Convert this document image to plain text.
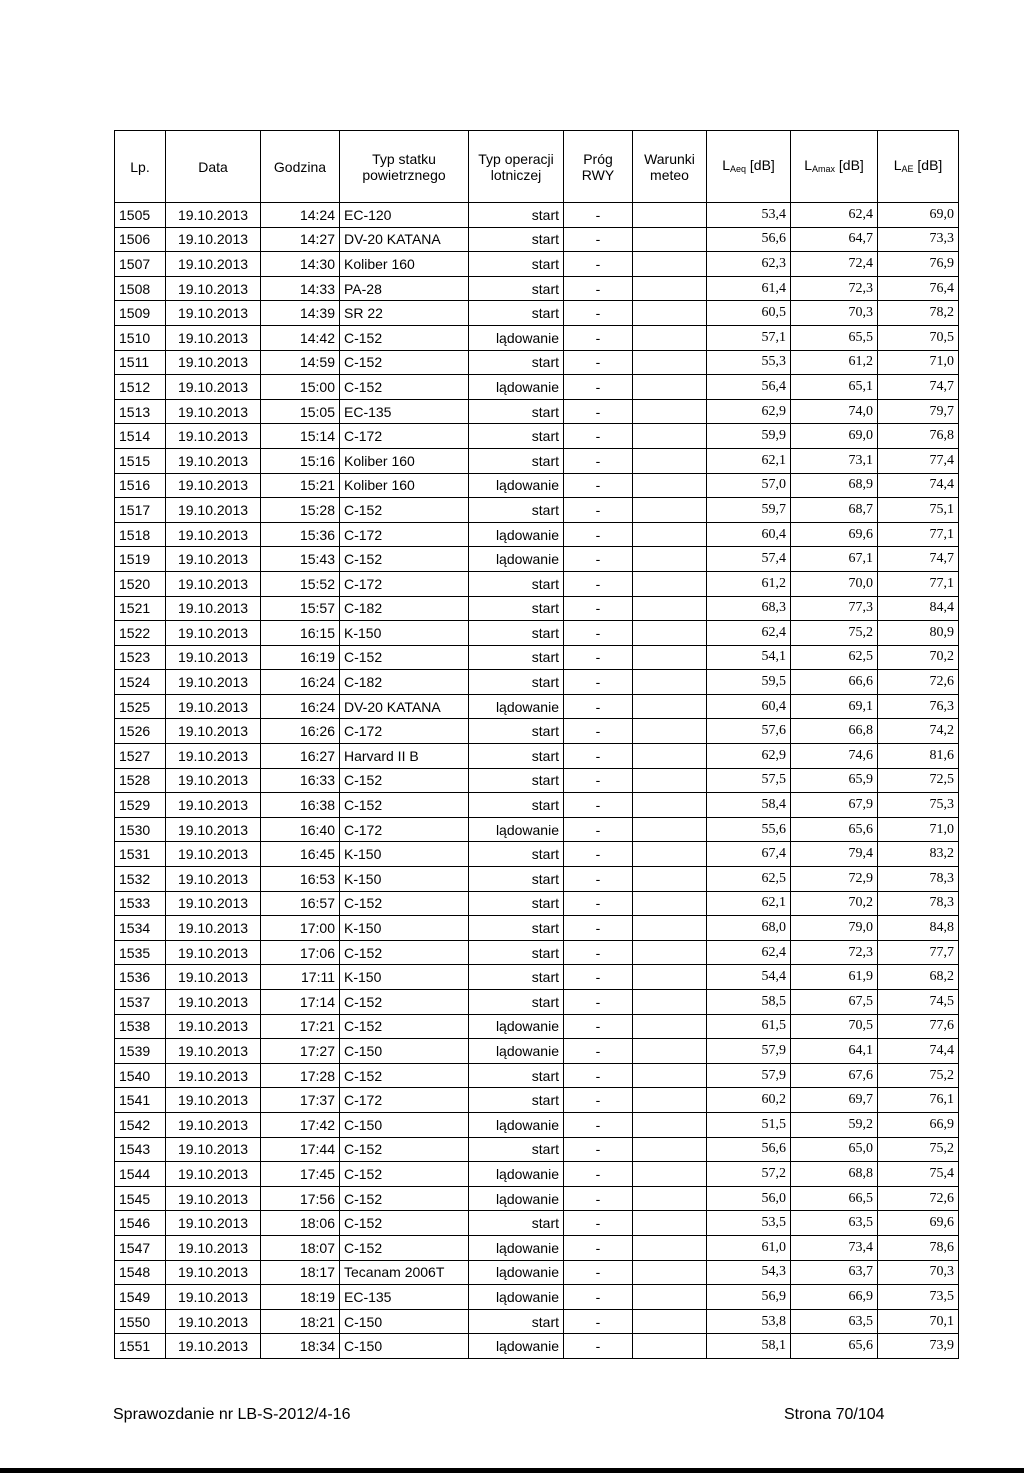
Lp.	Data	Godzina	Typ statku powietrznego	Typ operacji lotniczej	Próg RWY	Warunki meteo	$L_{Aeq}$ [dB]	$L_{Amax}$ [dB]	$L_{AE}$ [dB]
1505	19.10.2013	14:24	EC-120	start	-		53,4	62,4	69,0
1506	19.10.2013	14:27	DV-20 KATANA	start	-		56,6	64,7	73,3
1507	19.10.2013	14:30	Koliber 160	start	-		62,3	72,4	76,9
1508	19.10.2013	14:33	PA-28	start	-		61,4	72,3	76,4
1509	19.10.2013	14:39	SR 22	start	-		60,5	70,3	78,2
1510	19.10.2013	14:42	C-152	lądowanie	-		57,1	65,5	70,5
1511	19.10.2013	14:59	C-152	start	-		55,3	61,2	71,0
1512	19.10.2013	15:00	C-152	lądowanie	-		56,4	65,1	74,7
1513	19.10.2013	15:05	EC-135	start	-		62,9	74,0	79,7
1514	19.10.2013	15:14	C-172	start	-		59,9	69,0	76,8
1515	19.10.2013	15:16	Koliber 160	start	-		62,1	73,1	77,4
1516	19.10.2013	15:21	Koliber 160	lądowanie	-		57,0	68,9	74,4
1517	19.10.2013	15:28	C-152	start	-		59,7	68,7	75,1
1518	19.10.2013	15:36	C-172	lądowanie	-		60,4	69,6	77,1
1519	19.10.2013	15:43	C-152	lądowanie	-		57,4	67,1	74,7
1520	19.10.2013	15:52	C-172	start	-		61,2	70,0	77,1
1521	19.10.2013	15:57	C-182	start	-		68,3	77,3	84,4
1522	19.10.2013	16:15	K-150	start	-		62,4	75,2	80,9
1523	19.10.2013	16:19	C-152	start	-		54,1	62,5	70,2
1524	19.10.2013	16:24	C-182	start	-		59,5	66,6	72,6
1525	19.10.2013	16:24	DV-20 KATANA	lądowanie	-		60,4	69,1	76,3
1526	19.10.2013	16:26	C-172	start	-		57,6	66,8	74,2
1527	19.10.2013	16:27	Harvard II B	start	-		62,9	74,6	81,6
1528	19.10.2013	16:33	C-152	start	-		57,5	65,9	72,5
1529	19.10.2013	16:38	C-152	start	-		58,4	67,9	75,3
1530	19.10.2013	16:40	C-172	lądowanie	-		55,6	65,6	71,0
1531	19.10.2013	16:45	K-150	start	-		67,4	79,4	83,2
1532	19.10.2013	16:53	K-150	start	-		62,5	72,9	78,3
1533	19.10.2013	16:57	C-152	start	-		62,1	70,2	78,3
1534	19.10.2013	17:00	K-150	start	-		68,0	79,0	84,8
1535	19.10.2013	17:06	C-152	start	-		62,4	72,3	77,7
1536	19.10.2013	17:11	K-150	start	-		54,4	61,9	68,2
1537	19.10.2013	17:14	C-152	start	-		58,5	67,5	74,5
1538	19.10.2013	17:21	C-152	lądowanie	-		61,5	70,5	77,6
1539	19.10.2013	17:27	C-150	lądowanie	-		57,9	64,1	74,4
1540	19.10.2013	17:28	C-152	start	-		57,9	67,6	75,2
1541	19.10.2013	17:37	C-172	start	-		60,2	69,7	76,1
1542	19.10.2013	17:42	C-150	lądowanie	-		51,5	59,2	66,9
1543	19.10.2013	17:44	C-152	start	-		56,6	65,0	75,2
1544	19.10.2013	17:45	C-152	lądowanie	-		57,2	68,8	75,4
1545	19.10.2013	17:56	C-152	lądowanie	-		56,0	66,5	72,6
1546	19.10.2013	18:06	C-152	start	-		53,5	63,5	69,6
1547	19.10.2013	18:07	C-152	lądowanie	-		61,0	73,4	78,6
1548	19.10.2013	18:17	Tecanam 2006T	lądowanie	-		54,3	63,7	70,3
1549	19.10.2013	18:19	EC-135	lądowanie	-		56,9	66,9	73,5
1550	19.10.2013	18:21	C-150	start	-		53,8	63,5	70,1
1551	19.10.2013	18:34	C-150	lądowanie	-		58,1	65,6	73,9
Sprawozdanie nr LB-S-2012/4-16	Strona 70/104
